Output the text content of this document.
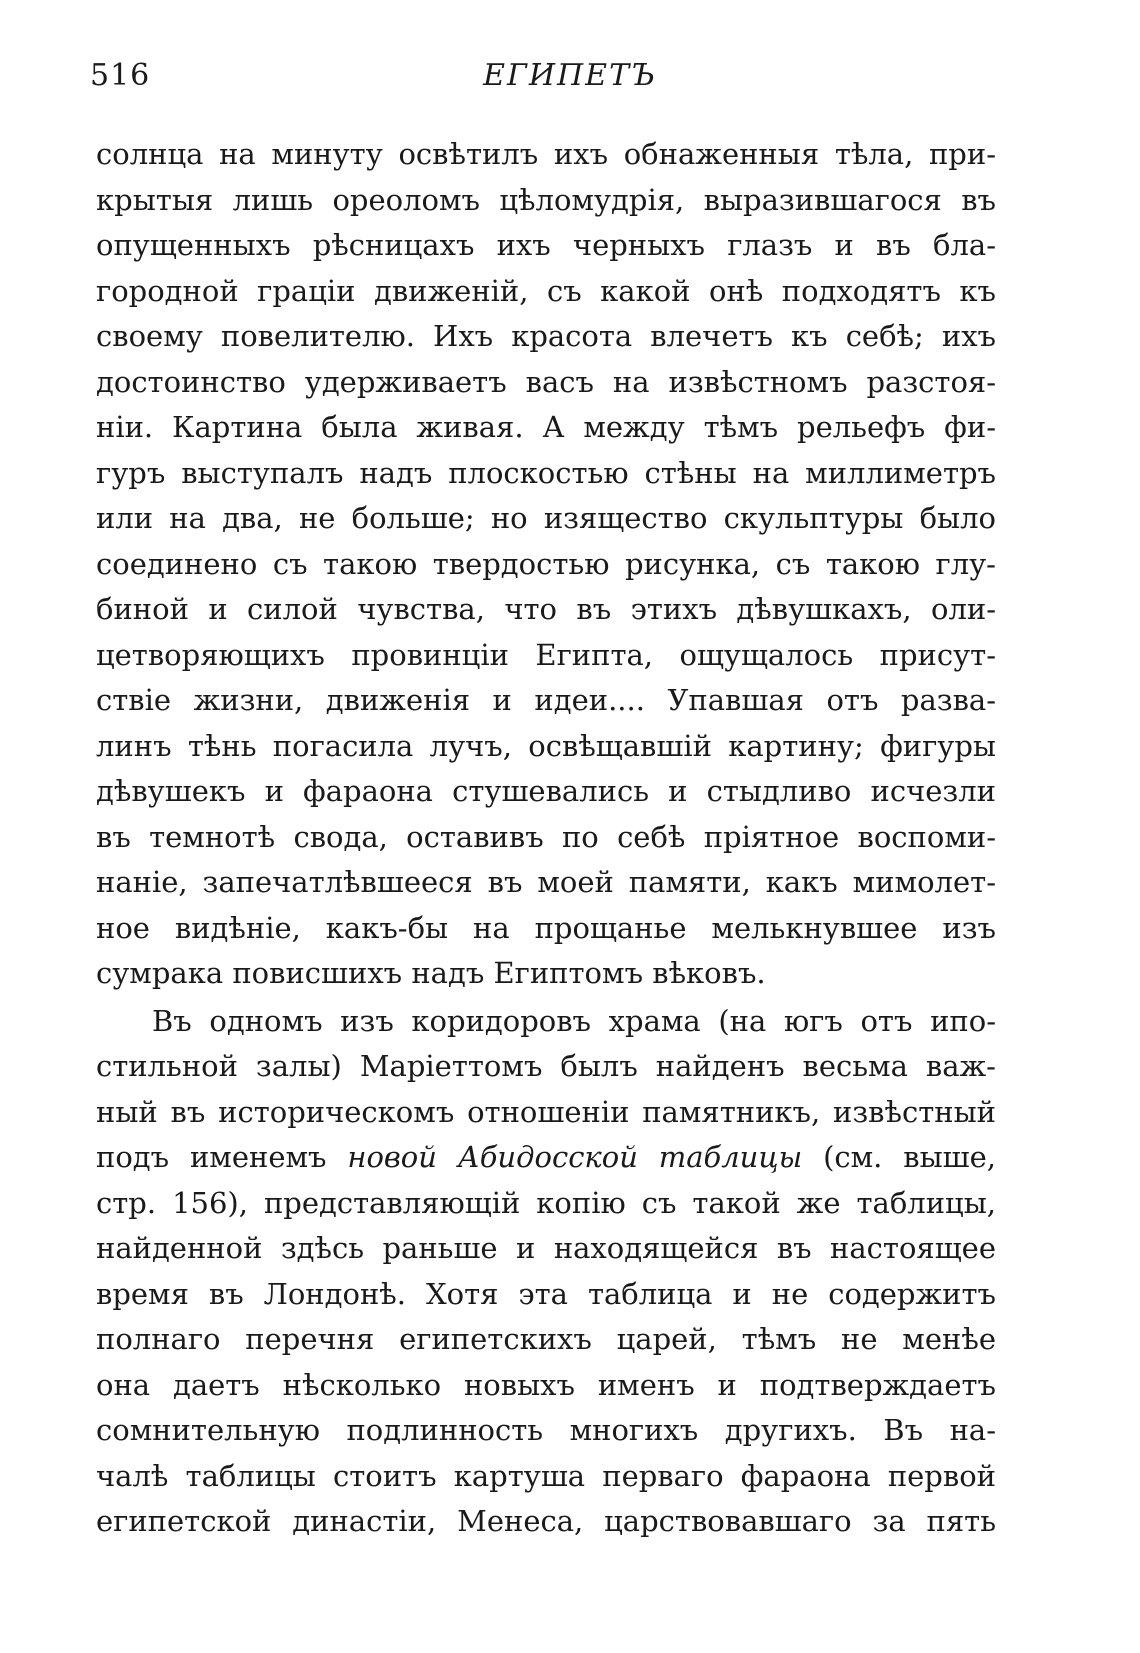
516	ЕГИПЕТЪ
солнца на минуту освѣтилъ ихъ обнаженныя тѣла, при-
крытыя лишь ореоломъ цѣломудрія, выразившагося въ
опущенныхъ рѣсницахъ ихъ черныхъ глазъ и въ бла-
городной граціи движеній, съ какой онѣ подходятъ къ
своему повелителю. Ихъ красота влечетъ къ себѣ; ихъ
достоинство удерживаетъ васъ на извѣстномъ разстоя-
ніи. Картина была живая. А между тѣмъ рельефъ фи-
гуръ выступалъ надъ плоскостью стѣны на миллиметръ
или на два, не больше; но изящество скульптуры было
соединено съ такою твердостью рисунка, съ такою глу-
биной и силой чувства, что въ этихъ дѣвушкахъ, оли-
цетворяющихъ провинціи Египта, ощущалось присут-
ствіе жизни, движенія и идеи.... Упавшая отъ разва-
линъ тѣнь погасила лучъ, освѣщавшій картину; фигуры
дѣвушекъ и фараона стушевались и стыдливо исчезли
въ темнотѣ свода, оставивъ по себѣ пріятное воспоми-
наніе, запечатлѣвшееся въ моей памяти, какъ мимолет-
ное видѣніе, какъ-бы на прощанье мелькнувшее изъ
сумрака повисшихъ надъ Египтомъ вѣковъ.
Въ одномъ изъ коридоровъ храма (на югъ отъ ипо-
стильной залы) Маріеттомъ былъ найденъ весьма важ-
ный въ историческомъ отношеніи памятникъ, извѣстный
подъ именемъ новой Абидосской таблицы (см. выше,
стр. 156), представляющій копію съ такой же таблицы,
найденной здѣсь раньше и находящейся въ настоящее
время въ Лондонѣ. Хотя эта таблица и не содержитъ
полнаго перечня египетскихъ царей, тѣмъ не менѣе
она даетъ нѣсколько новыхъ именъ и подтверждаетъ
сомнительную подлинность многихъ другихъ. Въ на-
чалѣ таблицы стоитъ картуша перваго фараона первой
египетской династіи, Менеса, царствовавшаго за пять
